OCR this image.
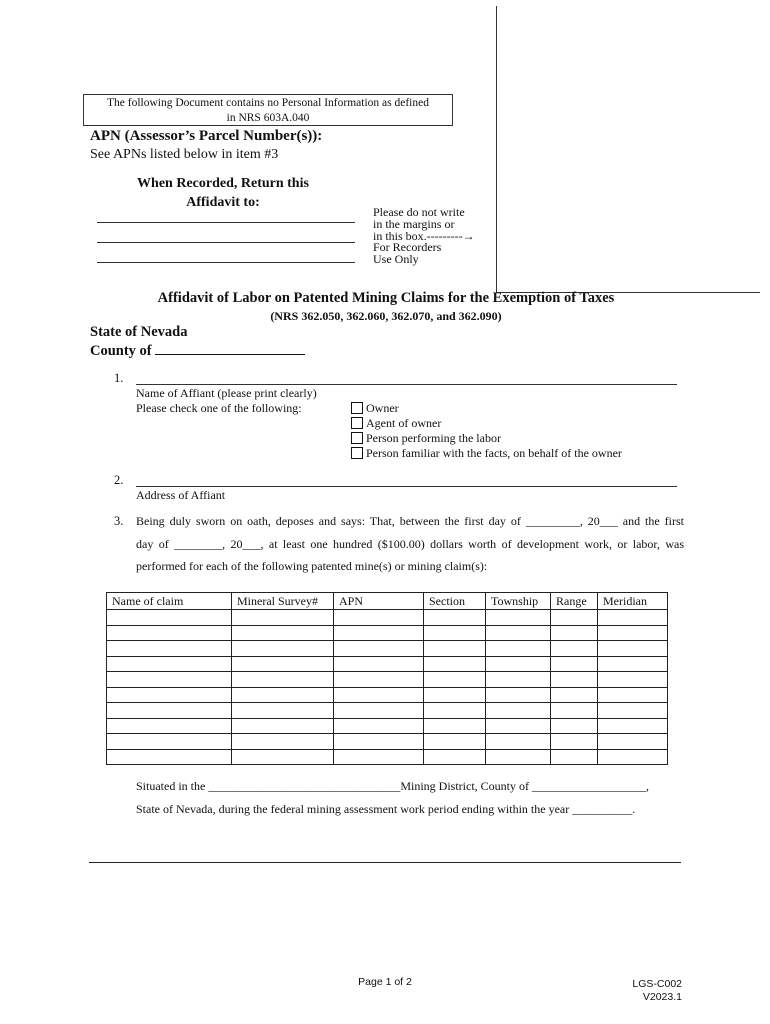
The following Document contains no Personal Information as defined
in NRS 603A.040
APN (Assessor’s Parcel Number(s)):
See APNs listed below in item #3
When Recorded, Return this
Affidavit to:
Please do not write
in the margins or
in this box.---------→
For Recorders
Use Only
Affidavit of Labor on Patented Mining Claims for the Exemption of Taxes
(NRS 362.050, 362.060, 362.070, and 362.090)
State of Nevada
County of
1.
Name of Affiant (please print clearly)
Please check one of the following:	Owner
Agent of owner
Person performing the labor
Person familiar with the facts, on behalf of the owner
2.
Address of Affiant
3. Being duly sworn on oath, deposes and says: That, between the first day of _________, 20___ and the first
day of ________, 20___, at least one hundred ($100.00) dollars worth of development work, or labor, was
performed for each of the following patented mine(s) or mining claim(s):
Name of claim	Mineral Survey#	APN	Section	Township	Range	Meridian

Situated in the ________________________________Mining District, County of ___________________,
State of Nevada, during the federal mining assessment work period ending within the year __________.
Page 1 of 2	LGS-C002
V2023.1
